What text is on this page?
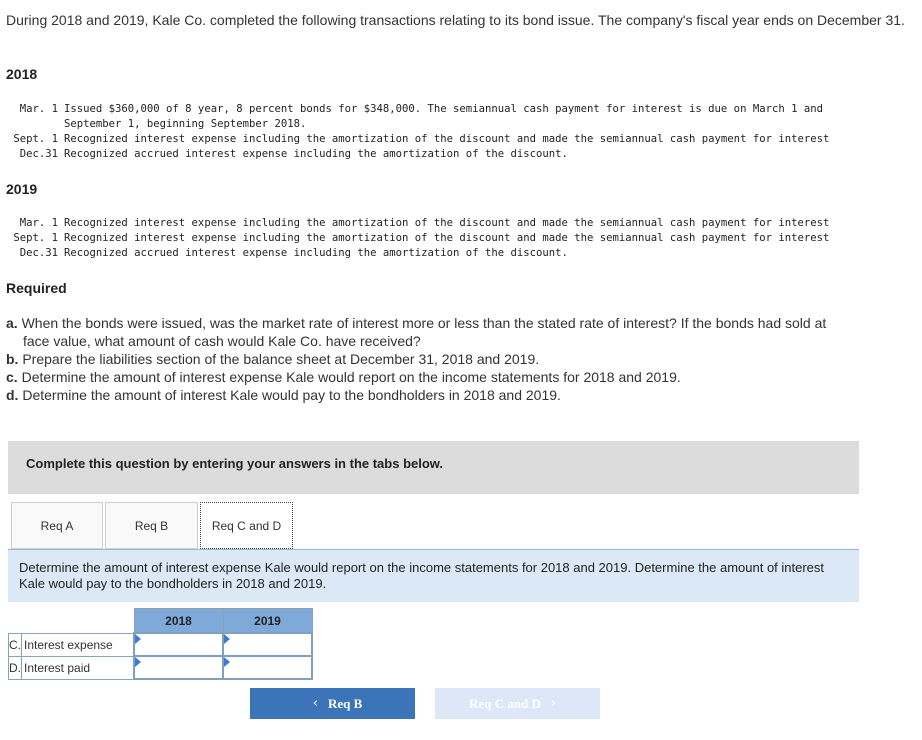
During 2018 and 2019, Kale Co. completed the following transactions relating to its bond issue. The company's fiscal year ends on December 31.
2018

Mar. 1 Issued $360,000 of 8 year, 8 percent bonds for $348,000. The semiannual cash payment for interest is due on March 1 and

September 1, beginning September 2018.

Sept. 1 Recognized interest expense including the amortization of the discount and made the semiannual cash payment for interest

Dec.31 Recognized accrued interest expense including the amortization of the discount.

2019

Mar. 1 Recognized interest expense including the amortization of the discount and made the semiannual cash payment for interest

Sept. 1 Recognized interest expense including the amortization of the discount and made the semiannual cash payment for interest

Dec.31 Recognized accrued interest expense including the amortization of the discount.

Required
a. When the bonds were issued, was the market rate of interest more or less than the stated rate of interest? If the bonds had sold at
face value, what amount of cash would Kale Co. have received?
b. Prepare the liabilities section of the balance sheet at December 31, 2018 and 2019.
c. Determine the amount of interest expense Kale would report on the income statements for 2018 and 2019.
d. Determine the amount of interest Kale would pay to the bondholders in 2018 and 2019.
Complete this question by entering your answers in the tabs below.
Req A	Req B	Req C and D
Determine the amount of interest expense Kale would report on the income statements for 2018 and 2019. Determine the amount of interest Kale would pay to the bondholders in 2018 and 2019.
		2018	2019
C.	Interest expense	

D.	Interest paid	

‹ Req B	Req C and D ›
